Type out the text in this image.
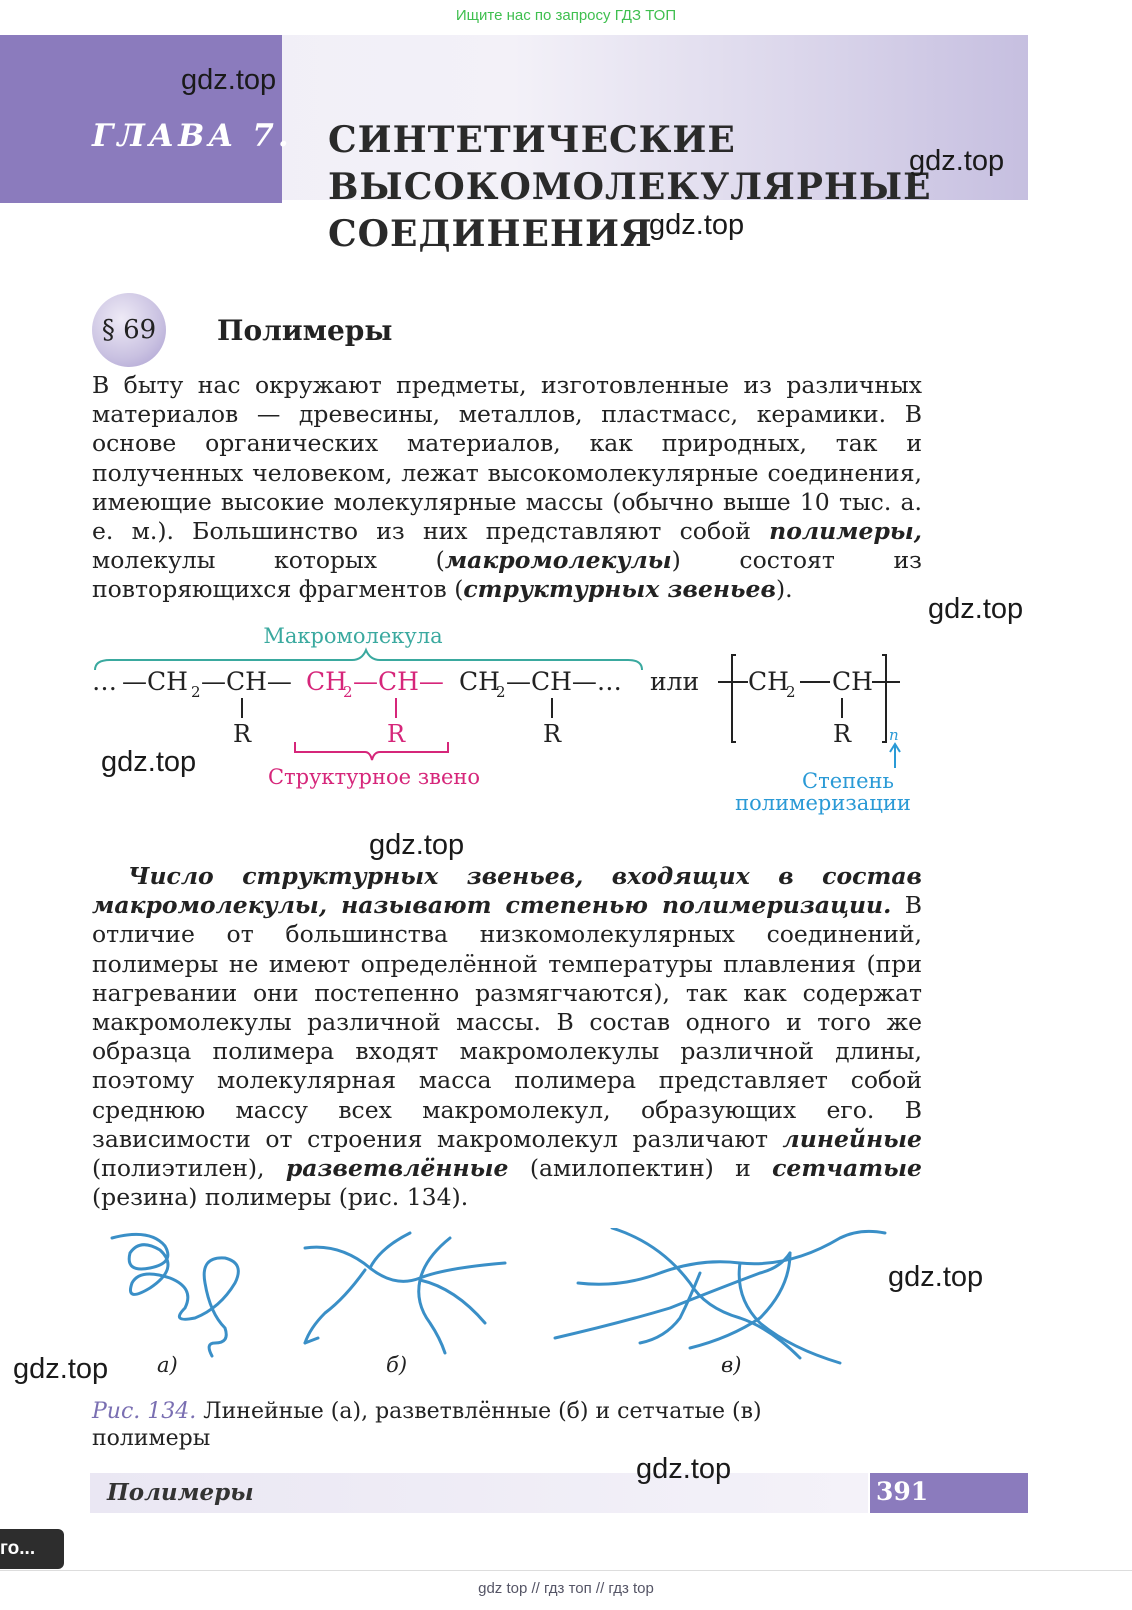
Ищите нас по запросу ГДЗ ТОП
ГЛАВА 7. СИНТЕТИЧЕСКИЕ
ВЫСОКОМОЛЕКУЛЯРНЫЕ
СОЕДИНЕНИЯ
§ 69 Полимеры
В быту нас окружают предметы, изготовленные из различных материалов — древесины, металлов, пластмасс, керамики. В основе органических материалов, как природных, так и полученных человеком, лежат высокомолекулярные соединения, имеющие высокие молекулярные массы (обычно выше 10 тыс. а. е. м.). Большинство из них представляют собой полимеры, молекулы которых (макромолекулы) состоят из повторяющихся фрагментов (структурных звеньев).
Макромолекула
… —CH 2 —CH— CH
2 —CH— CH
2 —CH—… или
R	R	R
Структурное звено
CH
2 CH
R	n
Степень
полимеризации
Число структурных звеньев, входящих в состав макромолекулы, называют степенью полимеризации. В отличие от большинства низкомолекулярных соединений, полимеры не имеют определённой температуры плавления (при нагревании они постепенно размягчаются), так как содержат макромолекулы различной массы. В состав одного и того же образца полимера входят макромолекулы различной длины, поэтому молекулярная масса полимера представляет собой среднюю массу всех макромолекул, образующих его. В зависимости от строения макромолекул различают линейные (полиэтилен), разветвлённые (амилопектин) и сетчатые (резина) полимеры (рис. 134).
а)	б)	в)
Рис. 134. Линейные (а), разветвлённые (б) и сетчатые (в) полимеры
Полимеры	391
gdz.top
gdz.top
gdz.top
gdz.top
gdz.top
gdz.top
gdz.top
gdz.top
gdz.top
го...
gdz top // гдз топ // гдз top
